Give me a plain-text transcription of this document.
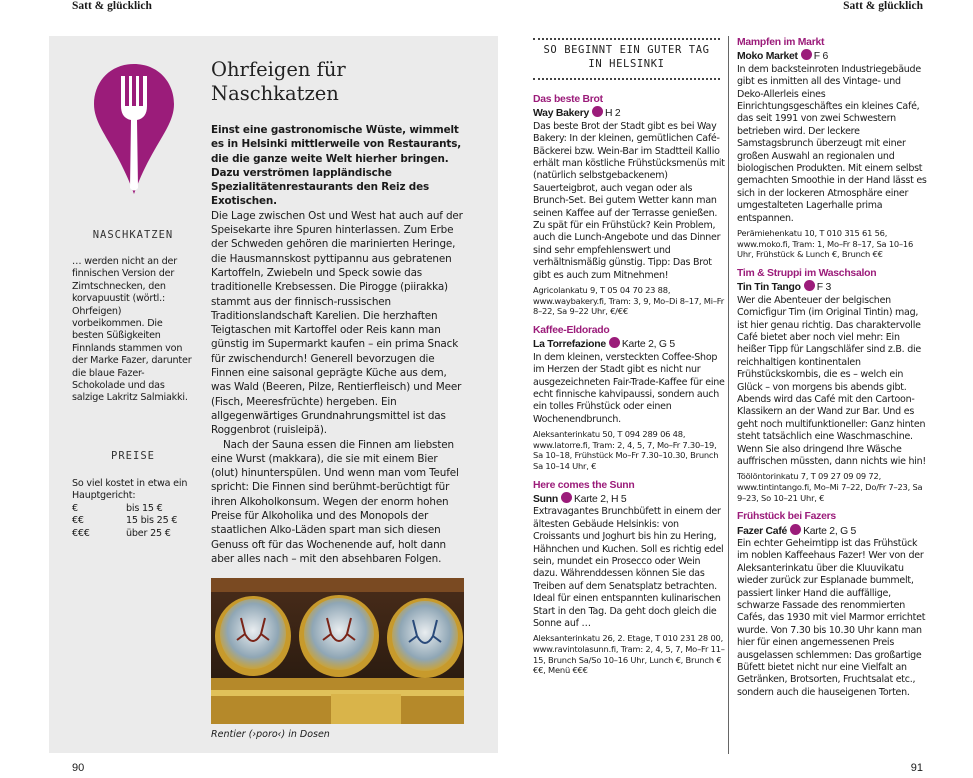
Satt & glücklich	Satt & glücklich
NASCHKATZEN
… werden nicht an der finnischen Version der Zimtschnecken, den korvapuustit (wörtl.: Ohrfeigen) vorbeikommen. Die besten Süßigkeiten Finnlands stammen von der Marke Fazer, darunter die blaue Fazer-Schokolade und das salzige Lakritz Salmiakki.
PREISE
So viel kostet in etwa ein Hauptgericht:
€	bis 15 €
€€	15 bis 25 €
€€€	über 25 €
Ohrfeigen für
Naschkatzen

Einst eine gastronomische Wüste, wimmelt es in Helsinki mittlerweile von Restaurants, die die ganze weite Welt hierher bringen. Dazu verströmen lappländische Spezialitätenrestaurants den Reiz des Exotischen.

Die Lage zwischen Ost und West hat auch auf der Speisekarte ihre Spuren hinterlassen. Zum Erbe der Schweden gehören die marinierten Heringe, die Hausmannskost pyttipannu aus gebratenen Kartoffeln, Zwiebeln und Speck sowie das traditionelle Krebsessen. Die Pirogge (piirakka) stammt aus der finnisch-russischen Traditionslandschaft Karelien. Die herzhaften Teigtaschen mit Kartoffel oder Reis kann man günstig im Supermarkt kaufen – ein prima Snack für zwischendurch! Generell bevorzugen die Finnen eine saisonal geprägte Küche aus dem, was Wald (Beeren, Pilze, Rentierfleisch) und Meer (Fisch, Meeresfrüchte) hergeben. Ein allgegenwärtiges Grundnahrungsmittel ist das Roggenbrot (ruisleipä).

Nach der Sauna essen die Finnen am liebsten eine Wurst (makkara), die sie mit einem Bier (olut) hinunterspülen. Und wenn man vom Teufel spricht: Die Finnen sind berühmt-berüchtigt für ihren Alkoholkonsum. Wegen der enorm hohen Preise für Alkoholika und des Monopols der staatlichen Alko-Läden spart man sich diesen Genuss oft für das Wochenende auf, holt dann aber alles nach – mit den absehbaren Folgen.

Rentier (›poro‹) in Dosen
90
SO BEGINNT EIN GUTER TAG
IN HELSINKI
Das beste Brot
Way Bakery H 2
Das beste Brot der Stadt gibt es bei Way Bakery: In der kleinen, gemütlichen Café-Bäckerei bzw. Wein-Bar im Stadtteil Kallio erhält man köstliche Frühstücksmenüs mit (natürlich selbstgebackenem) Sauerteigbrot, auch vegan oder als Brunch-Set. Bei gutem Wetter kann man seinen Kaffee auf der Terrasse genießen. Zu spät für ein Frühstück? Kein Problem, auch die Lunch-Angebote und das Dinner sind sehr empfehlenswert und verhältnismäßig günstig. Tipp: Das Brot gibt es auch zum Mitnehmen!
Agricolankatu 9, T 05 04 70 23 88, www.waybakery.fi, Tram: 3, 9, Mo–Di 8–17, Mi–Fr 8–22, Sa 9–22 Uhr, €/€€
Kaffee-Eldorado
La Torrefazione Karte 2, G 5
In dem kleinen, versteckten Coffee-Shop im Herzen der Stadt gibt es nicht nur ausgezeichneten Fair-Trade-Kaffee für eine echt finnische kahvipaussi, sondern auch ein tolles Frühstück oder einen Wochenendbrunch.
Aleksanterinkatu 50, T 094 289 06 48, www.latorre.fi, Tram: 2, 4, 5, 7, Mo–Fr 7.30–19, Sa 10–18, Frühstück Mo–Fr 7.30–10.30, Brunch Sa 10–14 Uhr, €
Here comes the Sunn
Sunn Karte 2, H 5
Extravagantes Brunchbüfett in einem der ältesten Gebäude Helsinkis: von Croissants und Joghurt bis hin zu Hering, Hähnchen und Kuchen. Soll es richtig edel sein, mundet ein Prosecco oder Wein dazu. Währenddessen können Sie das Treiben auf dem Senatsplatz betrachten. Ideal für einen entspannten kulinarischen Start in den Tag. Da geht doch gleich die Sonne auf …
Aleksanterinkatu 26, 2. Etage, T 010 231 28 00, www.ravintolasunn.fi, Tram: 2, 4, 5, 7, Mo–Fr 11–15, Brunch Sa/So 10–16 Uhr, Lunch €, Brunch €€€, Menü €€€
Mampfen im Markt
Moko Market F 6
In dem backsteinroten Industriegebäude gibt es inmitten all des Vintage- und Deko-Allerleis eines Einrichtungsgeschäftes ein kleines Café, das seit 1991 von zwei Schwestern betrieben wird. Der leckere Samstagsbrunch überzeugt mit einer großen Auswahl an regionalen und biologischen Produkten. Mit einem selbst gemachten Smoothie in der Hand lässt es sich in der lockeren Atmosphäre einer umgestalteten Lagerhalle prima entspannen.
Perämiehenkatu 10, T 010 315 61 56, www.moko.fi, Tram: 1, Mo–Fr 8–17, Sa 10–16 Uhr, Frühstück & Lunch €, Brunch €€
Tim & Struppi im Waschsalon
Tin Tin Tango F 3
Wer die Abenteuer der belgischen Comicfigur Tim (im Original Tintin) mag, ist hier genau richtig. Das charaktervolle Café bietet aber noch viel mehr: Ein heißer Tipp für Langschläfer sind z.B. die reichhaltigen kontinentalen Frühstückskombis, die es – welch ein Glück – von morgens bis abends gibt. Abends wird das Café mit den Cartoon-Klassikern an der Wand zur Bar. Und es geht noch multifunktioneller: Ganz hinten steht tatsächlich eine Waschmaschine. Wenn Sie also dringend Ihre Wäsche auffrischen müssten, dann nichts wie hin!
Töölöntorinkatu 7, T 09 27 09 09 72, www.tintintango.fi, Mo–Mi 7–22, Do/Fr 7–23, Sa 9–23, So 10–21 Uhr, €
Frühstück bei Fazers
Fazer Café Karte 2, G 5
Ein echter Geheimtipp ist das Frühstück im noblen Kaffeehaus Fazer! Wer von der Aleksanterinkatu über die Kluuvikatu wieder zurück zur Esplanade bummelt, passiert linker Hand die auffällige, schwarze Fassade des renommierten Cafés, das 1930 mit viel Marmor errichtet wurde. Von 7.30 bis 10.30 Uhr kann man hier für einen angemessenen Preis ausgelassen schlemmen: Das großartige Büfett bietet nicht nur eine Vielfalt an Getränken, Brotsorten, Fruchtsalat etc., sondern auch die hauseigenen Torten.
91
